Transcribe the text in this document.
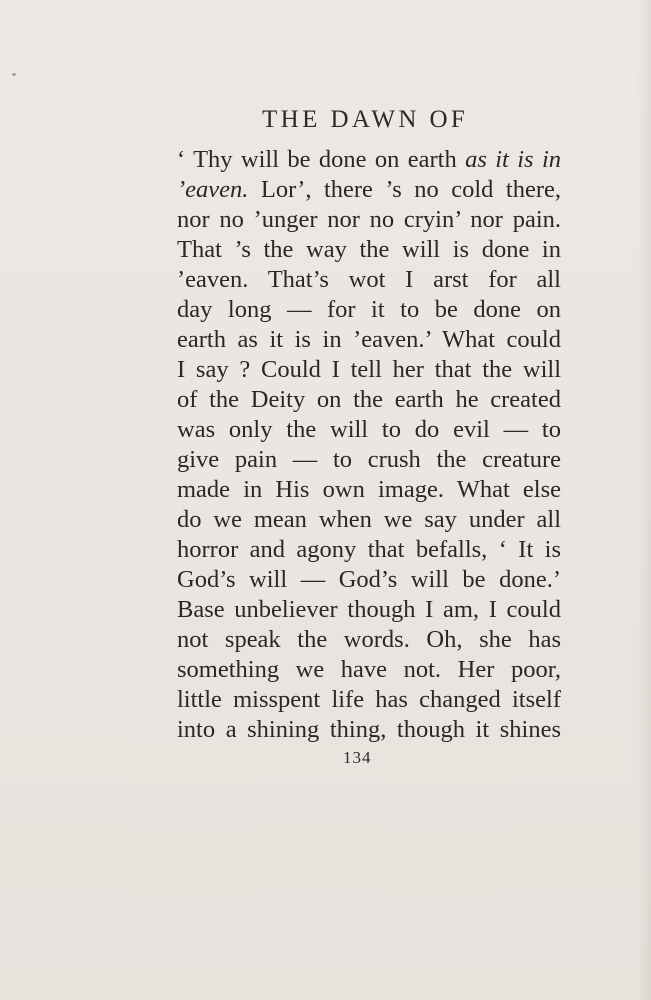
THE DAWN OF
‘ Thy will be done on earth as it is in
’eaven. Lor’, there ’s no cold there,
nor no ’unger nor no cryin’ nor pain.
That ’s the way the will is done in
’eaven. That’s wot I arst for all
day long — for it to be done on
earth as it is in ’eaven.’ What could
I say ? Could I tell her that the will
of the Deity on the earth he created
was only the will to do evil — to
give pain — to crush the creature
made in His own image. What else
do we mean when we say under all
horror and agony that befalls, ‘ It is
God’s will — God’s will be done.’
Base unbeliever though I am, I could
not speak the words. Oh, she has
something we have not. Her poor,
little misspent life has changed itself
into a shining thing, though it shines
134
